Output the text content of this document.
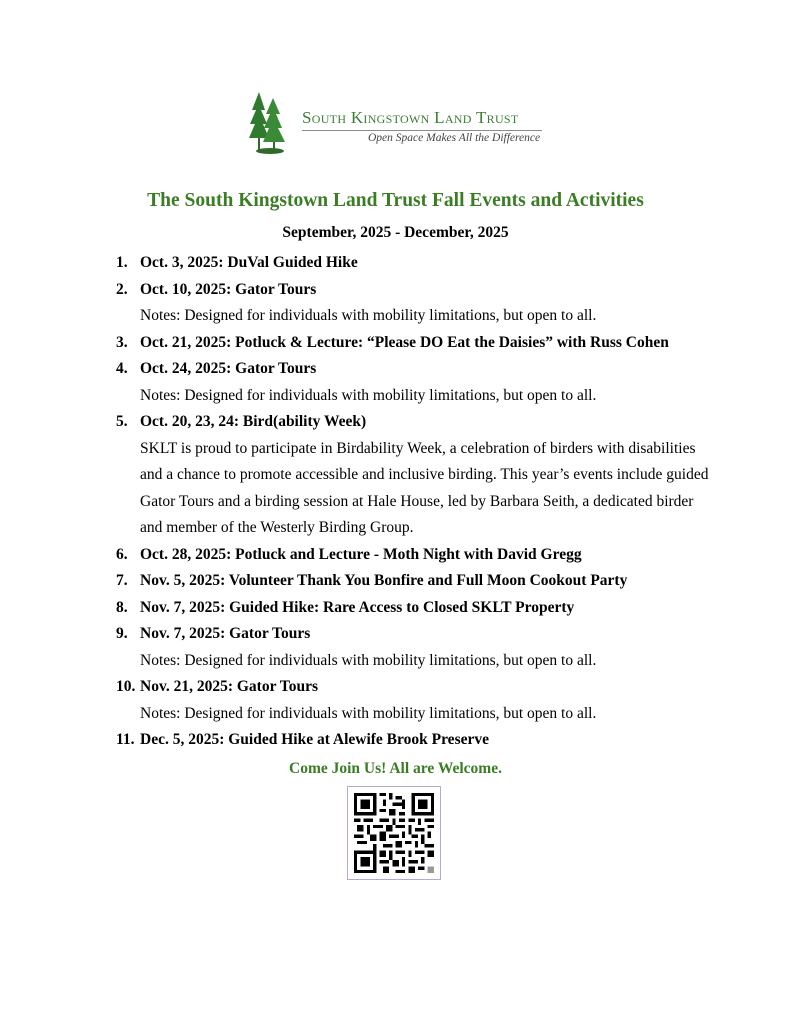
South Kingstown Land Trust
Open Space Makes All the Difference
The South Kingstown Land Trust Fall Events and Activities
September, 2025 - December, 2025
1. Oct. 3, 2025: DuVal Guided Hike
2. Oct. 10, 2025: Gator Tours
Notes: Designed for individuals with mobility limitations, but open to all.
3. Oct. 21, 2025: Potluck & Lecture: “Please DO Eat the Daisies” with Russ Cohen
4. Oct. 24, 2025: Gator Tours
Notes: Designed for individuals with mobility limitations, but open to all.
5. Oct. 20, 23, 24: Bird(ability Week)
SKLT is proud to participate in Birdability Week, a celebration of birders with disabilities and a chance to promote accessible and inclusive birding. This year’s events include guided Gator Tours and a birding session at Hale House, led by Barbara Seith, a dedicated birder and member of the Westerly Birding Group.
6. Oct. 28, 2025: Potluck and Lecture - Moth Night with David Gregg
7. Nov. 5, 2025: Volunteer Thank You Bonfire and Full Moon Cookout Party
8. Nov. 7, 2025: Guided Hike: Rare Access to Closed SKLT Property
9. Nov. 7, 2025: Gator Tours
Notes: Designed for individuals with mobility limitations, but open to all.
10. Nov. 21, 2025: Gator Tours
Notes: Designed for individuals with mobility limitations, but open to all.
11. Dec. 5, 2025: Guided Hike at Alewife Brook Preserve
Come Join Us! All are Welcome.
